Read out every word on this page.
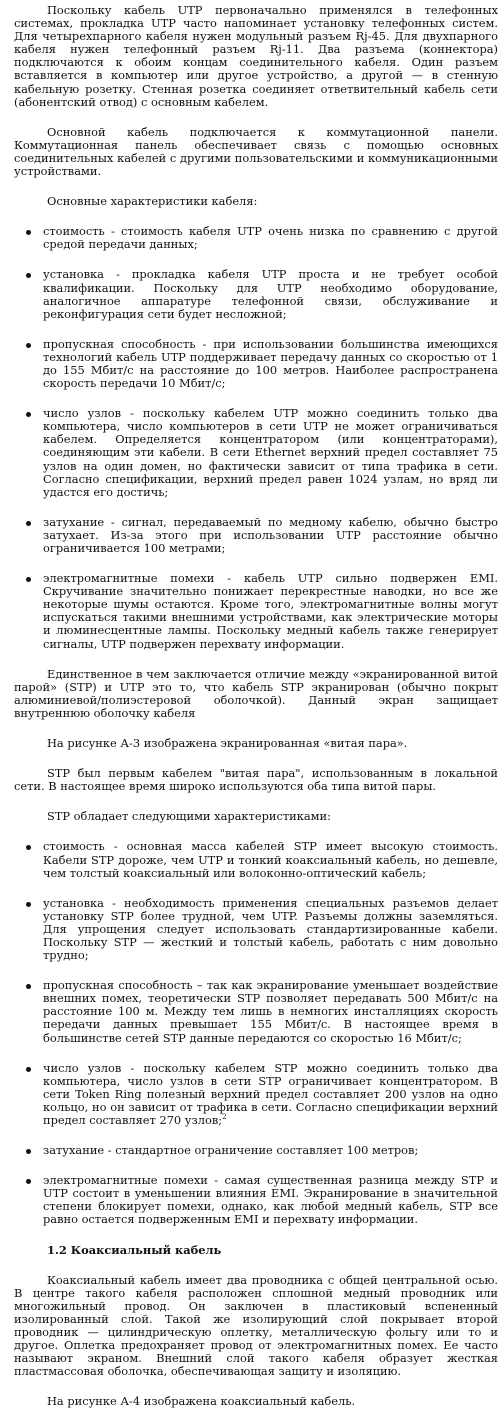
Поскольку кабель UTP первоначально применялся в телефонных системах, прокладка UTP часто напоминает установку телефонных систем. Для четырехпарного кабеля нужен модульный разъем Rj-45. Для двухпарного кабеля нужен телефонный разъем Rj-11. Два разъема (коннектора) подключаются к обоим концам соединительного кабеля. Один разъем вставляется в компьютер или другое устройство, а другой — в стенную кабельную розетку. Стенная розетка соединяет ответвительный кабель сети (абонентский отвод) с основным кабелем.

Основной кабель подключается к коммутационной панели. Коммутационная панель обеспечивает связь с помощью основных соединительных кабелей с другими пользовательскими и коммуникационными устройствами.

Основные характеристики кабеля:

стоимость - стоимость кабеля UTP очень низка по сравнению с другой средой передачи данных;
установка - прокладка кабеля UTP проста и не требует особой квалификации. Поскольку для UTP необходимо оборудование, аналогичное аппаратуре телефонной связи, обслуживание и реконфигурация сети будет несложной;
пропускная способность - при использовании большинства имеющихся технологий кабель UTP поддерживает передачу данных со скоростью от 1 до 155 Мбит/с на расстояние до 100 метров. Наиболее распространена скорость передачи 10 Мбит/с;
число узлов - поскольку кабелем UTP можно соединить только два компьютера, число компьютеров в сети UTP не может ограничиваться кабелем. Определяется концентратором (или концентраторами), соединяющим эти кабели. В сети Ethernet верхний предел составляет 75 узлов на один домен, но фактически зависит от типа трафика в сети. Согласно спецификации, верхний предел равен 1024 узлам, но вряд ли удастся его достичь;
затухание - сигнал, передаваемый по медному кабелю, обычно быстро затухает. Из-за этого при использовании UTP расстояние обычно ограничивается 100 метрами;
электромагнитные помехи - кабель UTP сильно подвержен EMI. Скручивание значительно понижает перекрестные наводки, но все же некоторые шумы остаются. Кроме того, электромагнитные волны могут испускаться такими внешними устройствами, как электрические моторы и люминесцентные лампы. Поскольку медный кабель также генерирует сигналы, UTP подвержен перехвату информации.

Единственное в чем заключается отличие между «экранированной витой парой» (STP) и UTP это то, что кабель STP экранирован (обычно покрыт алюминиевой/полиэстеровой оболочкой). Данный экран защищает внутреннюю оболочку кабеля

На рисунке А-3 изображена экранированная «витая пара».

STP был первым кабелем "витая пара", использованным в локальной сети. В настоящее время широко используются оба типа витой пары.

STP обладает следующими характеристиками:

стоимость - основная масса кабелей STP имеет высокую стоимость. Кабели STP дороже, чем UTP и тонкий коаксиальный кабель, но дешевле, чем толстый коаксиальный или волоконно-оптический кабель;
установка - необходимость применения специальных разъемов делает установку STP более трудной, чем UTP. Разъемы должны заземляться. Для упрощения следует использовать стандартизированные кабели. Поскольку STP — жесткий и толстый кабель, работать с ним довольно трудно;
пропускная способность – так как экранирование уменьшает воздействие внешних помех, теоретически STP позволяет передавать 500 Мбит/с на расстояние 100 м. Между тем лишь в немногих инсталляциях скорость передачи данных превышает 155 Мбит/с. В настоящее время в большинстве сетей STP данные передаются со скоростью 16 Мбит/с;
число узлов - поскольку кабелем STP можно соединить только два компьютера, число узлов в сети STP ограничивает концентратором. В сети Token Ring полезный верхний предел составляет 200 узлов на одно кольцо, но он зависит от трафика в сети. Согласно спецификации верхний предел составляет 270 узлов;$^2$
затухание - стандартное ограничение составляет 100 метров;
электромагнитные помехи - самая существенная разница между STP и UTP состоит в уменьшении влияния EMI. Экранирование в значительной степени блокирует помехи, однако, как любой медный кабель, STP все равно остается подверженным EMI и перехвату информации.
1.2 Коаксиальный кабель

Коаксиальный кабель имеет два проводника с общей центральной осью. В центре такого кабеля расположен сплошной медный проводник или многожильный провод. Он заключен в пластиковый вспененный изолированный слой. Такой же изолирующий слой покрывает второй проводник — цилиндрическую оплетку, металлическую фольгу или то и другое. Оплетка предохраняет провод от электромагнитных помех. Ее часто называют экраном. Внешний слой такого кабеля образует жесткая пластмассовая оболочка, обеспечивающая защиту и изоляцию.

На рисунке А-4 изображена коаксиальный кабель.
